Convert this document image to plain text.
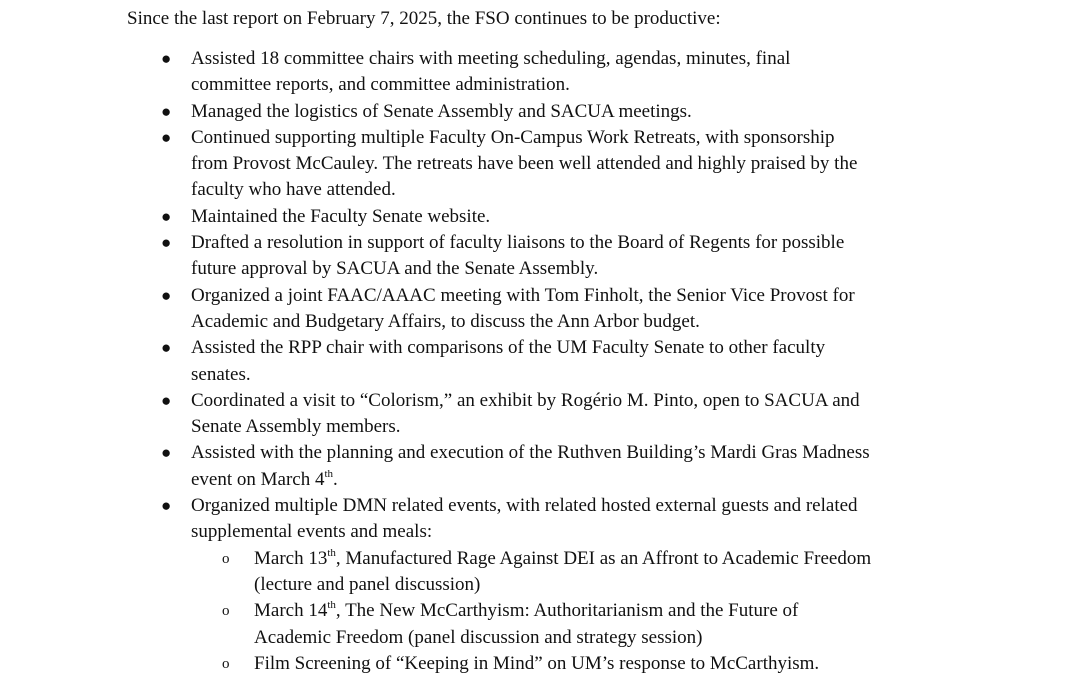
Since the last report on February 7, 2025, the FSO continues to be productive:
● Assisted 18 committee chairs with meeting scheduling, agendas, minutes, final
committee reports, and committee administration.
● Managed the logistics of Senate Assembly and SACUA meetings.
● Continued supporting multiple Faculty On-Campus Work Retreats, with sponsorship
from Provost McCauley. The retreats have been well attended and highly praised by the
faculty who have attended.
● Maintained the Faculty Senate website.
● Drafted a resolution in support of faculty liaisons to the Board of Regents for possible
future approval by SACUA and the Senate Assembly.
● Organized a joint FAAC/AAAC meeting with Tom Finholt, the Senior Vice Provost for
Academic and Budgetary Affairs, to discuss the Ann Arbor budget.
● Assisted the RPP chair with comparisons of the UM Faculty Senate to other faculty
senates.
● Coordinated a visit to “Colorism,” an exhibit by Rogério M. Pinto, open to SACUA and
Senate Assembly members.
● Assisted with the planning and execution of the Ruthven Building’s Mardi Gras Madness
event on March 4th.
● Organized multiple DMN related events, with related hosted external guests and related
supplemental events and meals:
o March 13th, Manufactured Rage Against DEI as an Affront to Academic Freedom
(lecture and panel discussion)
o March 14th, The New McCarthyism: Authoritarianism and the Future of
Academic Freedom (panel discussion and strategy session)
o Film Screening of “Keeping in Mind” on UM’s response to McCarthyism.
